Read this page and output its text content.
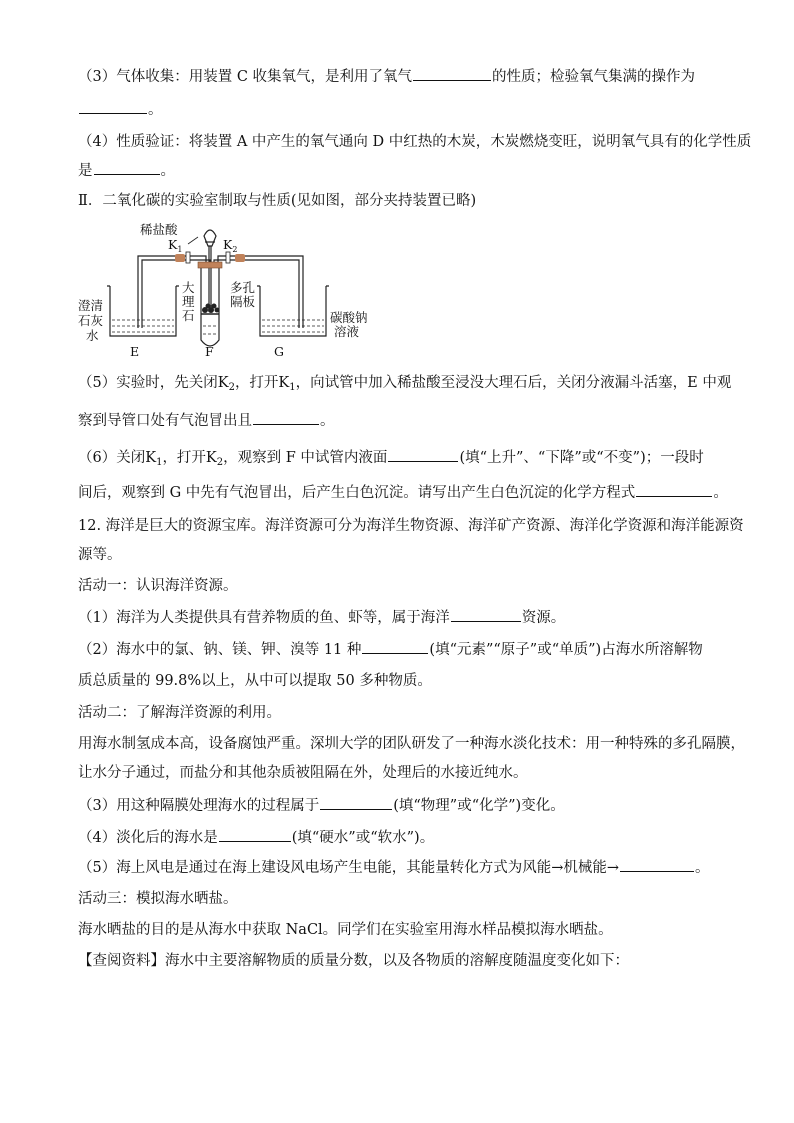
（3）气体收集：用装置 C 收集氧气，是利用了氧气	的性质；检验氧气集满的操作为
。
（4）性质验证：将装置 A 中产生的氧气通向 D 中红热的木炭，木炭燃烧变旺，说明氧气具有的化学性质
是	。
Ⅱ．二氧化碳的实验室制取与性质(见如图，部分夹持装置已略)
稀盐酸
$K_1$	$K_2$
大
理
石
多孔
隔板
澄清
石灰
水
碳酸钠
溶液
E	F	G
（5）实验时，先关闭$K_2$，打开$K_1$，向试管中加入稀盐酸至浸没大理石后，关闭分液漏斗活塞，E 中观
察到导管口处有气泡冒出且	。
（6）关闭$K_1$，打开$K_2$，观察到 F 中试管内液面	(填“上升”、“下降”或“不变”)；一段时
间后，观察到 G 中先有气泡冒出，后产生白色沉淀。请写出产生白色沉淀的化学方程式	。
12. 海洋是巨大的资源宝库。海洋资源可分为海洋生物资源、海洋矿产资源、海洋化学资源和海洋能源资
源等。
活动一：认识海洋资源。
（1）海洋为人类提供具有营养物质的鱼、虾等，属于海洋	资源。
（2）海水中的氯、钠、镁、钾、溴等 11 种	(填“元素”“原子”或“单质”)占海水所溶解物
质总质量的 99.8%以上，从中可以提取 50 多种物质。
活动二：了解海洋资源的利用。
用海水制氢成本高，设备腐蚀严重。深圳大学的团队研发了一种海水淡化技术：用一种特殊的多孔隔膜，
让水分子通过，而盐分和其他杂质被阻隔在外，处理后的水接近纯水。
（3）用这种隔膜处理海水的过程属于	(填“物理”或“化学”)变化。
（4）淡化后的海水是	(填“硬水”或“软水”)。
（5）海上风电是通过在海上建设风电场产生电能，其能量转化方式为风能→机械能→	。
活动三：模拟海水晒盐。
海水晒盐的目的是从海水中获取 NaCl。同学们在实验室用海水样品模拟海水晒盐。
【查阅资料】海水中主要溶解物质的质量分数，以及各物质的溶解度随温度变化如下：
